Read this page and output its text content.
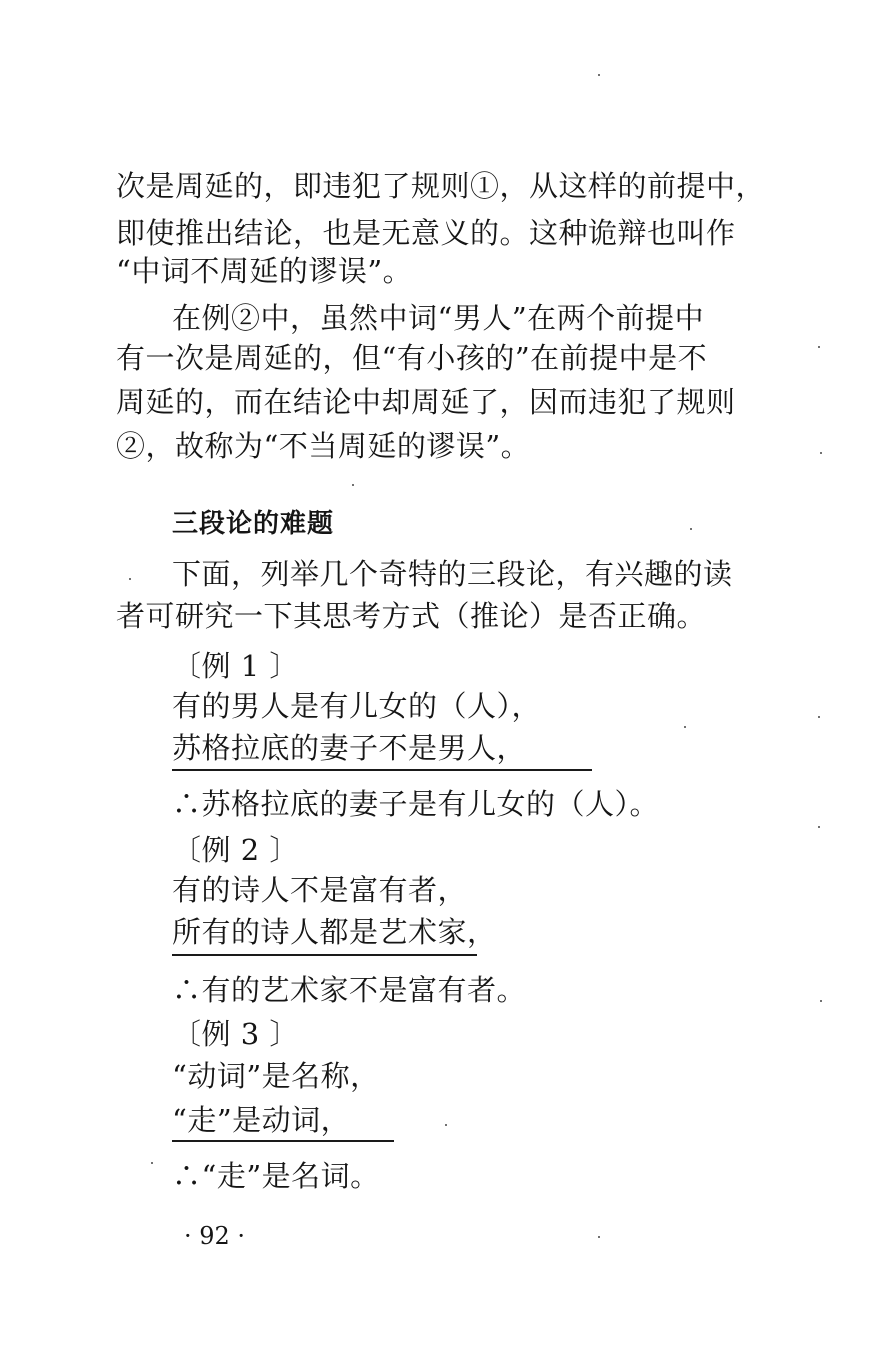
次是周延的，即违犯了规则①，从这样的前提中，
即使推出结论，也是无意义的。这种诡辩也叫作
“中词不周延的谬误”。
在例②中，虽然中词“男人”在两个前提中
有一次是周延的，但“有小孩的”在前提中是不
周延的，而在结论中却周延了，因而违犯了规则
②，故称为“不当周延的谬误”。
三段论的难题
下面，列举几个奇特的三段论，有兴趣的读
者可研究一下其思考方式（推论）是否正确。
〔例 1 〕
有的男人是有儿女的（人），
苏格拉底的妻子不是男人，
∴苏格拉底的妻子是有儿女的（人）。
〔例 2 〕
有的诗人不是富有者，
所有的诗人都是艺术家，
∴有的艺术家不是富有者。
〔例 3 〕
“动词”是名称，
“走”是动词，
∴“走”是名词。
· 92 ·
